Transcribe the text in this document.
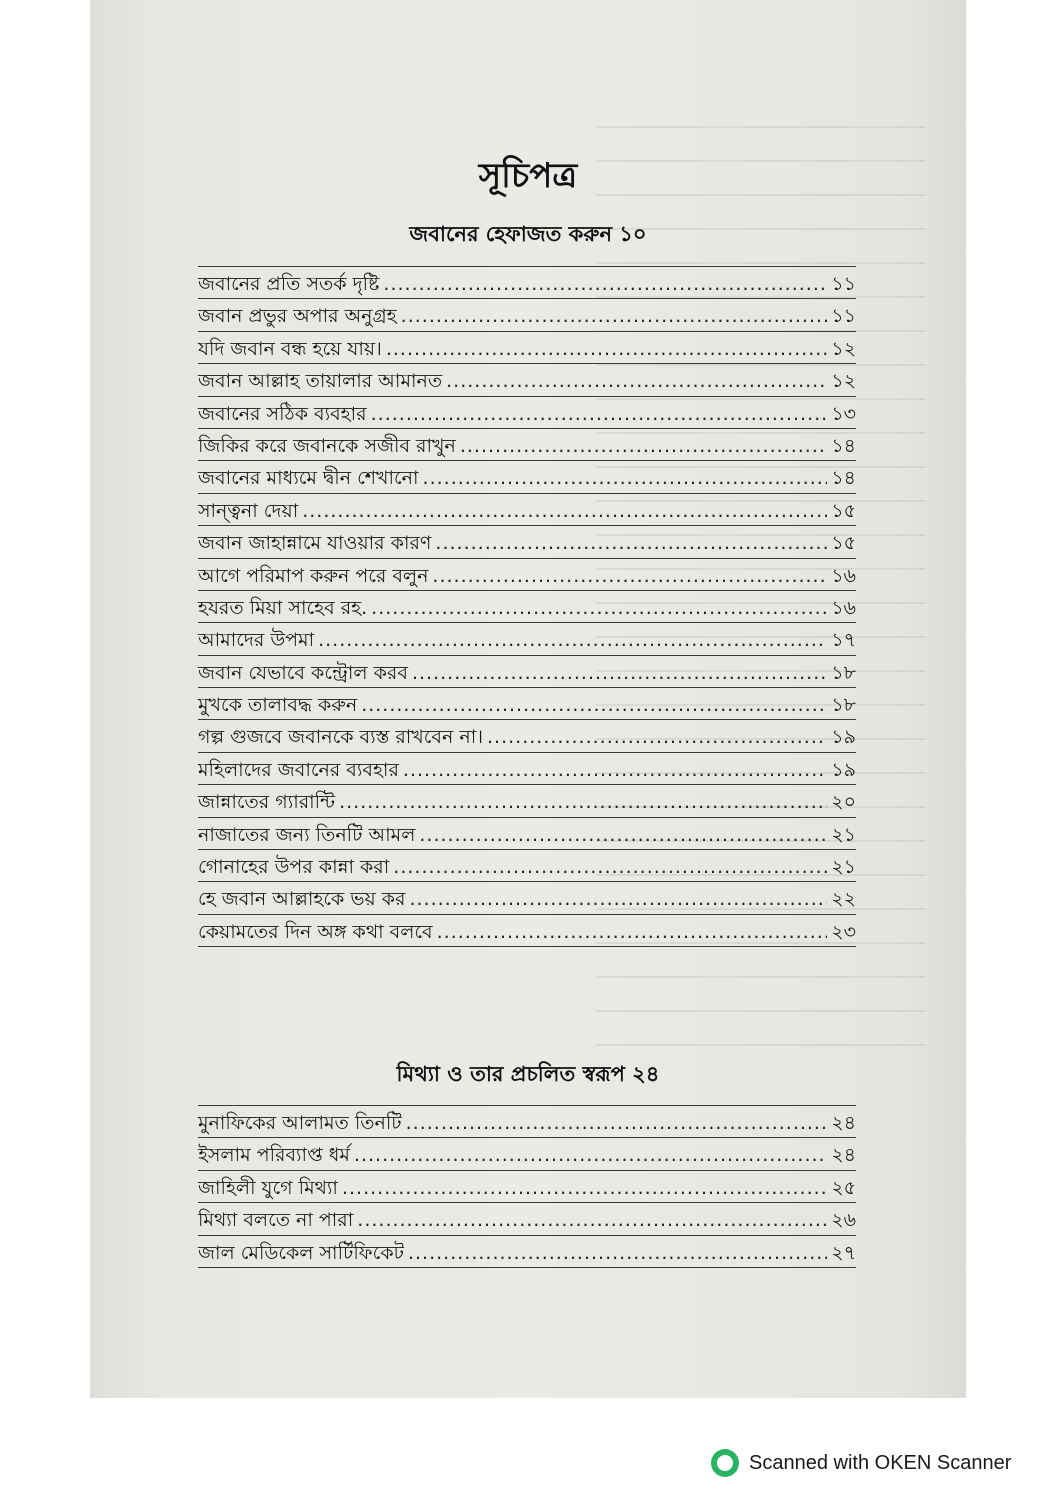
সূচিপত্র
জবানের হেফাজত করুন ১০
জবানের প্রতি সতর্ক দৃষ্টি .....	১১
জবান প্রভুর অপার অনুগ্রহ .....	১১
যদি জবান বন্ধ হয়ে যায়। .....	১২
জবান আল্লাহ তায়ালার আমানত .....	১২
জবানের সঠিক ব্যবহার .....	১৩
জিকির করে জবানকে সজীব রাখুন .....	১৪
জবানের মাধ্যমে দ্বীন শেখানো .....	১৪
সান্ত্বনা দেয়া .....	১৫
জবান জাহান্নামে যাওয়ার কারণ .....	১৫
আগে পরিমাপ করুন পরে বলুন .....	১৬
হযরত মিয়া সাহেব রহ. .....	১৬
আমাদের উপমা .....	১৭
জবান যেভাবে কন্ট্রোল করব .....	১৮
মুখকে তালাবদ্ধ করুন .....	১৮
গল্প গুজবে জবানকে ব্যস্ত রাখবেন না। .....	১৯
মহিলাদের জবানের ব্যবহার .....	১৯
জান্নাতের গ্যারান্টি .....	২০
নাজাতের জন্য তিনটি আমল .....	২১
গোনাহের উপর কান্না করা .....	২১
হে জবান আল্লাহকে ভয় কর .....	২২
কেয়ামতের দিন অঙ্গ কথা বলবে .....	২৩
মিথ্যা ও তার প্রচলিত স্বরূপ ২৪
মুনাফিকের আলামত তিনটি .....	২৪
ইসলাম পরিব্যাপ্ত ধর্ম .....	২৪
জাহিলী যুগে মিথ্যা .....	২৫
মিথ্যা বলতে না পারা .....	২৬
জাল মেডিকেল সার্টিফিকেট .....	২৭
Scanned with OKEN Scanner
